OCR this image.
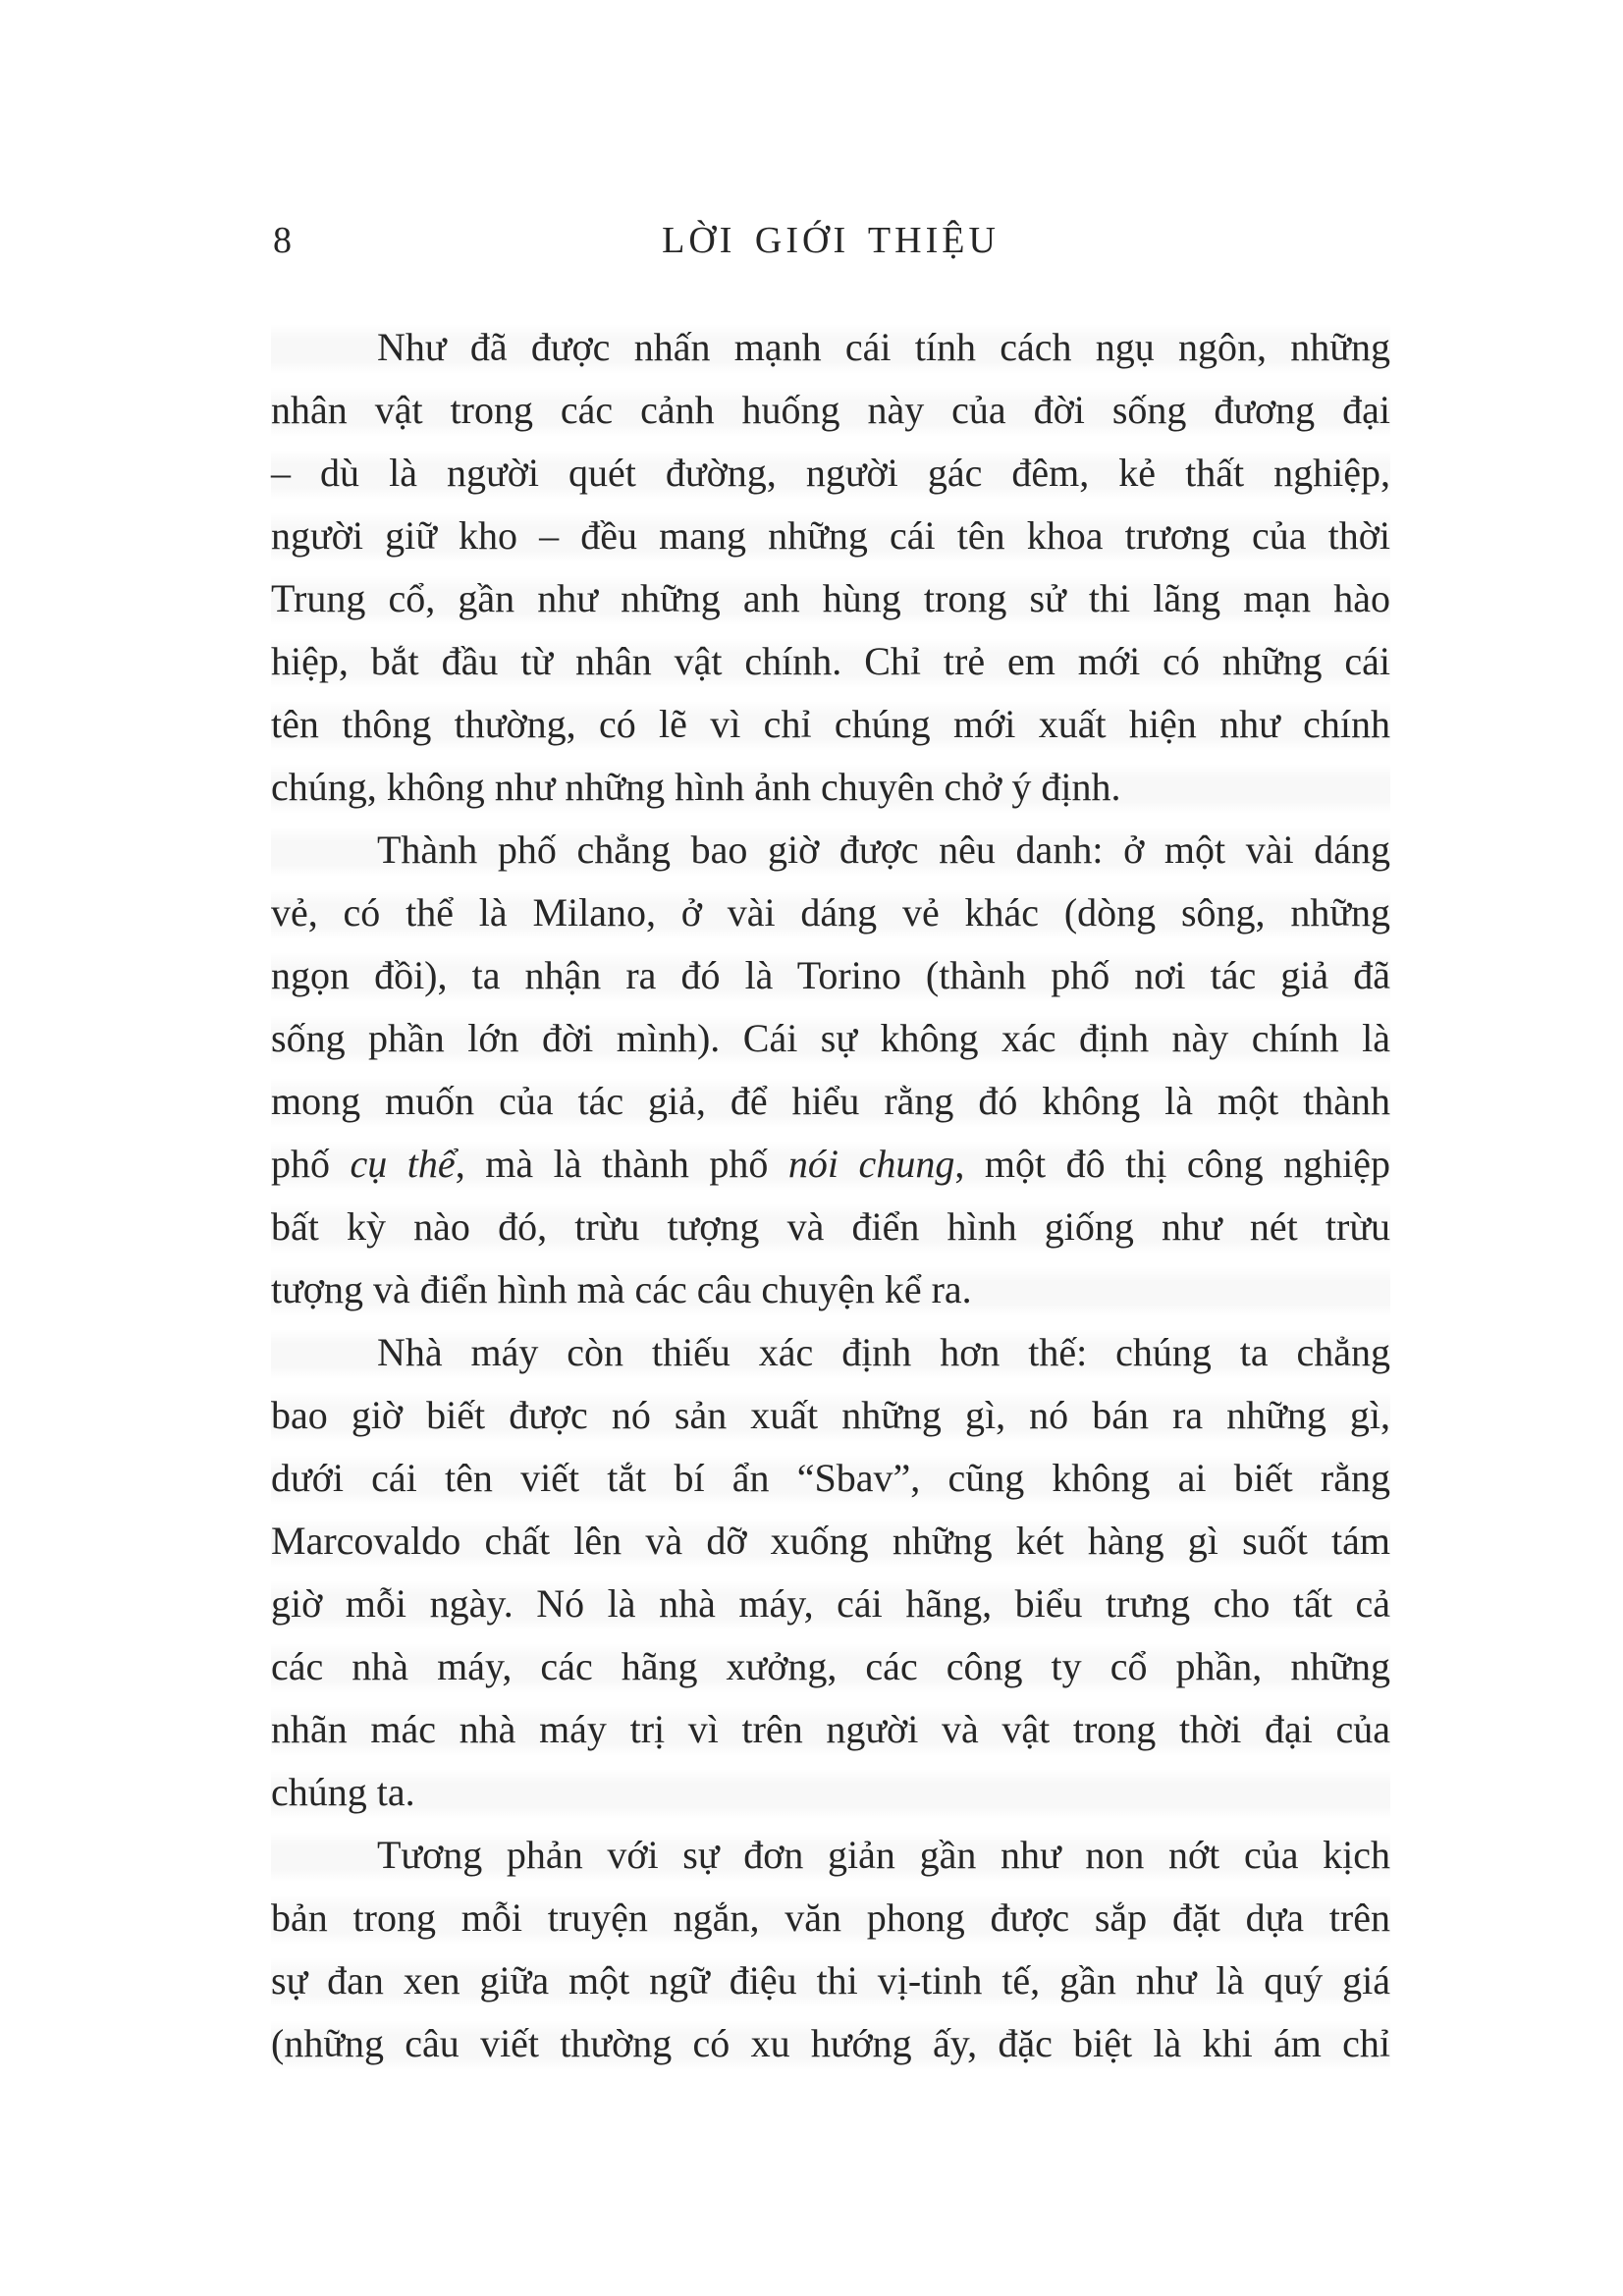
8	LỜI GIỚI THIỆU
Như đã được nhấn mạnh cái tính cách ngụ ngôn, những
nhân vật trong các cảnh huống này của đời sống đương đại
– dù là người quét đường, người gác đêm, kẻ thất nghiệp,
người giữ kho – đều mang những cái tên khoa trương của thời
Trung cổ, gần như những anh hùng trong sử thi lãng mạn hào
hiệp, bắt đầu từ nhân vật chính. Chỉ trẻ em mới có những cái
tên thông thường, có lẽ vì chỉ chúng mới xuất hiện như chính
chúng, không như những hình ảnh chuyên chở ý định.
Thành phố chẳng bao giờ được nêu danh: ở một vài dáng
vẻ, có thể là Milano, ở vài dáng vẻ khác (dòng sông, những
ngọn đồi), ta nhận ra đó là Torino (thành phố nơi tác giả đã
sống phần lớn đời mình). Cái sự không xác định này chính là
mong muốn của tác giả, để hiểu rằng đó không là một thành
phố cụ thể, mà là thành phố nói chung, một đô thị công nghiệp
bất kỳ nào đó, trừu tượng và điển hình giống như nét trừu
tượng và điển hình mà các câu chuyện kể ra.
Nhà máy còn thiếu xác định hơn thế: chúng ta chẳng
bao giờ biết được nó sản xuất những gì, nó bán ra những gì,
dưới cái tên viết tắt bí ẩn “Sbav”, cũng không ai biết rằng
Marcovaldo chất lên và dỡ xuống những két hàng gì suốt tám
giờ mỗi ngày. Nó là nhà máy, cái hãng, biểu trưng cho tất cả
các nhà máy, các hãng xưởng, các công ty cổ phần, những
nhãn mác nhà máy trị vì trên người và vật trong thời đại của
chúng ta.
Tương phản với sự đơn giản gần như non nớt của kịch
bản trong mỗi truyện ngắn, văn phong được sắp đặt dựa trên
sự đan xen giữa một ngữ điệu thi vị-tinh tế, gần như là quý giá
(những câu viết thường có xu hướng ấy, đặc biệt là khi ám chỉ
